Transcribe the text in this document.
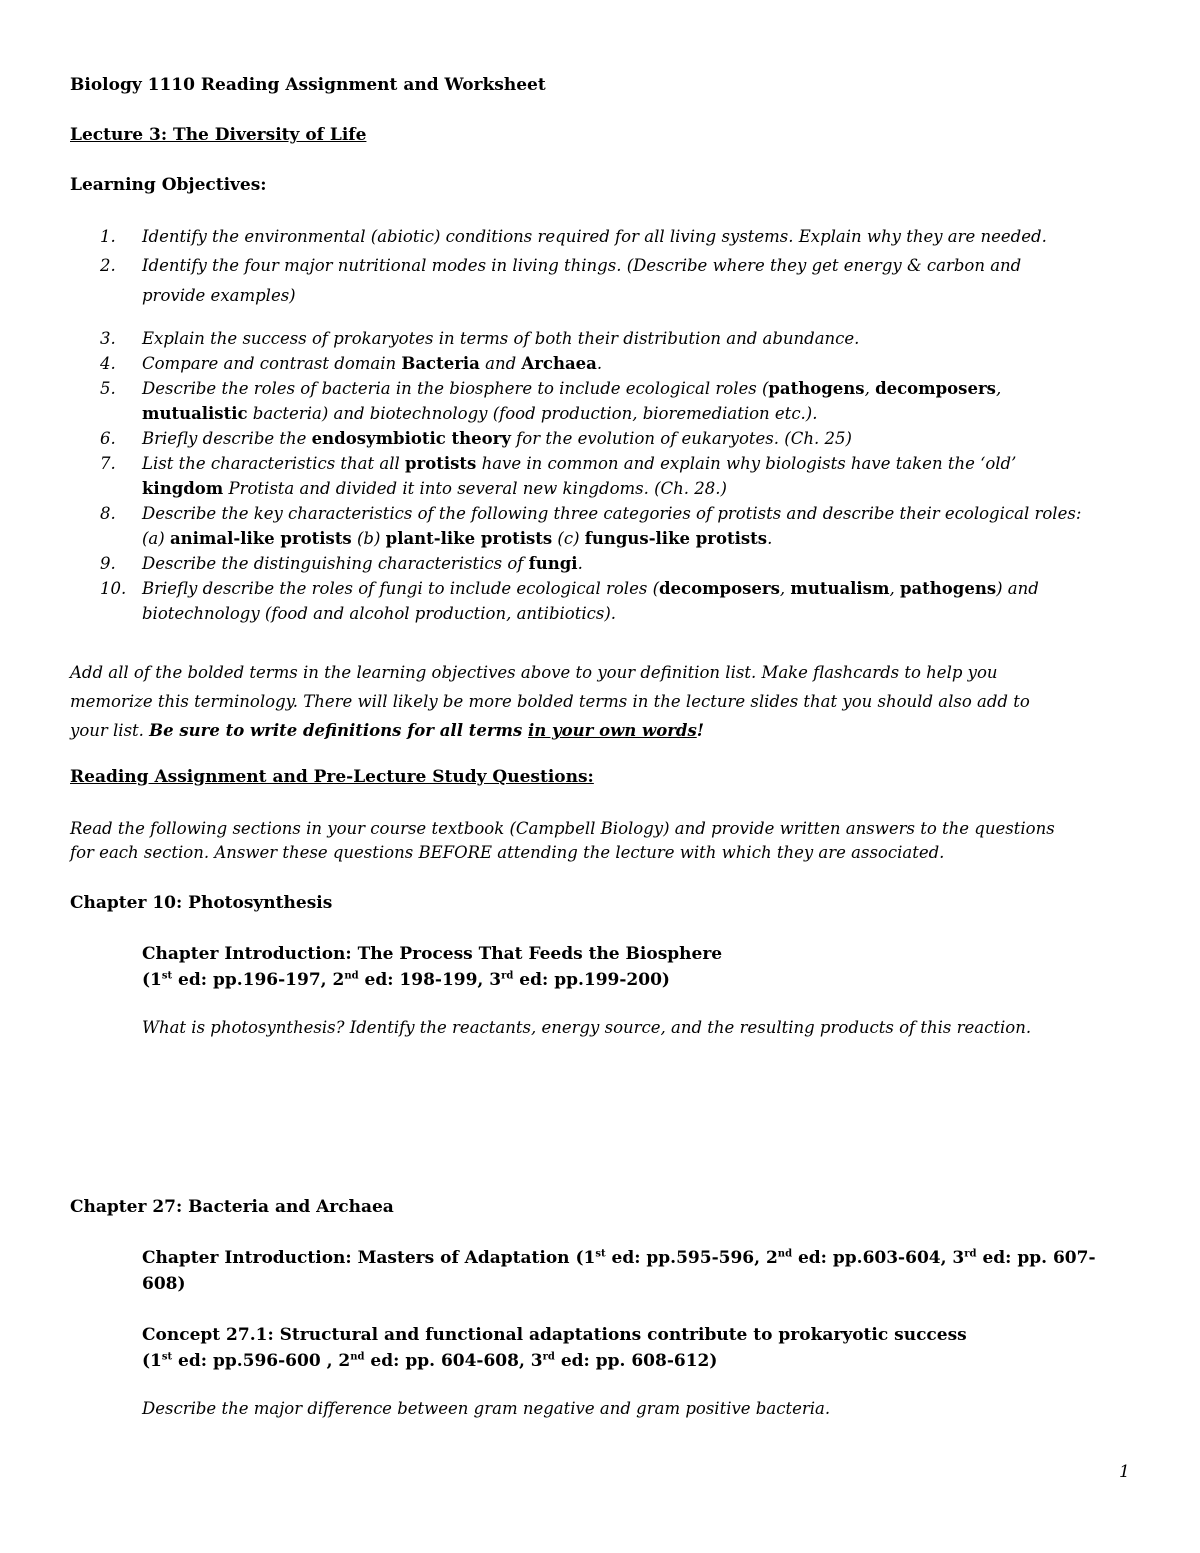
Biology 1110 Reading Assignment and Worksheet
Lecture 3: The Diversity of Life
Learning Objectives:
1.	Identify the environmental (abiotic) conditions required for all living systems. Explain why they are needed.
2.	Identify the four major nutritional modes in living things. (Describe where they get energy & carbon and
provide examples)
3.	Explain the success of prokaryotes in terms of both their distribution and abundance.
4.	Compare and contrast domain Bacteria and Archaea.
5.	Describe the roles of bacteria in the biosphere to include ecological roles (pathogens, decomposers,
mutualistic bacteria) and biotechnology (food production, bioremediation etc.).
6.	Briefly describe the endosymbiotic theory for the evolution of eukaryotes. (Ch. 25)
7.	List the characteristics that all protists have in common and explain why biologists have taken the ‘old’
kingdom Protista and divided it into several new kingdoms. (Ch. 28.)
8.	Describe the key characteristics of the following three categories of protists and describe their ecological roles:
(a) animal-like protists (b) plant-like protists (c) fungus-like protists.
9.	Describe the distinguishing characteristics of fungi.
10. Briefly describe the roles of fungi to include ecological roles (decomposers, mutualism, pathogens) and
biotechnology (food and alcohol production, antibiotics).
Add all of the bolded terms in the learning objectives above to your definition list. Make flashcards to help you
memorize this terminology. There will likely be more bolded terms in the lecture slides that you should also add to
your list. Be sure to write definitions for all terms in your own words!
Reading Assignment and Pre-Lecture Study Questions:
Read the following sections in your course textbook (Campbell Biology) and provide written answers to the questions
for each section. Answer these questions BEFORE attending the lecture with which they are associated.
Chapter 10: Photosynthesis
Chapter Introduction: The Process That Feeds the Biosphere
(1st ed: pp.196-197, 2nd ed: 198-199, 3rd ed: pp.199-200)
What is photosynthesis? Identify the reactants, energy source, and the resulting products of this reaction.
Chapter 27: Bacteria and Archaea
Chapter Introduction: Masters of Adaptation (1st ed: pp.595-596, 2nd ed: pp.603-604, 3rd ed: pp. 607-
608)
Concept 27.1: Structural and functional adaptations contribute to prokaryotic success
(1st ed: pp.596-600 , 2nd ed: pp. 604-608, 3rd ed: pp. 608-612)
Describe the major difference between gram negative and gram positive bacteria.
1
